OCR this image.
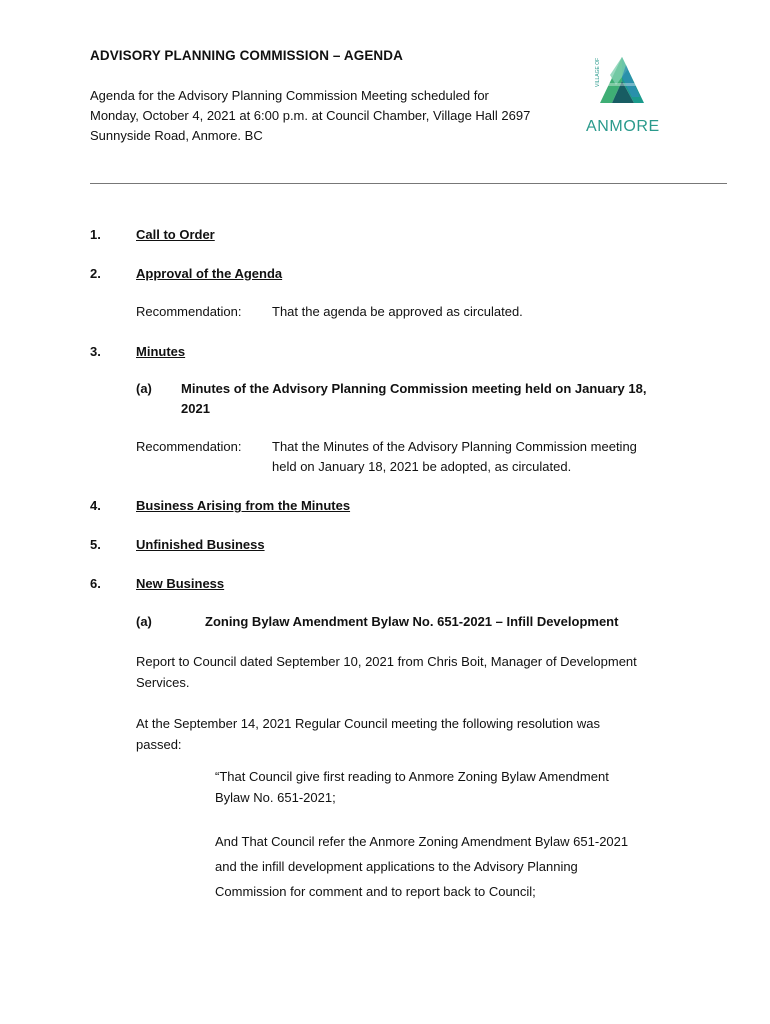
ADVISORY PLANNING COMMISSION – AGENDA
Agenda for the Advisory Planning Commission Meeting scheduled for
Monday, October 4, 2021 at 6:00 p.m. at Council Chamber, Village Hall 2697
Sunnyside Road, Anmore. BC
VILLAGE OF
ANMORE
1.	Call to Order
2.	Approval of the Agenda
Recommendation: That the agenda be approved as circulated.
3.	Minutes
(a) Minutes of the Advisory Planning Commission meeting held on January 18,
2021
Recommendation: That the Minutes of the Advisory Planning Commission meeting
held on January 18, 2021 be adopted, as circulated.
4.	Business Arising from the Minutes
5.	Unfinished Business
6.	New Business
(a)	Zoning Bylaw Amendment Bylaw No. 651-2021 – Infill Development
Report to Council dated September 10, 2021 from Chris Boit, Manager of Development
Services.
At the September 14, 2021 Regular Council meeting the following resolution was
passed:
“That Council give first reading to Anmore Zoning Bylaw Amendment
Bylaw No. 651-2021;
And That Council refer the Anmore Zoning Amendment Bylaw 651-2021
and the infill development applications to the Advisory Planning
Commission for comment and to report back to Council;
